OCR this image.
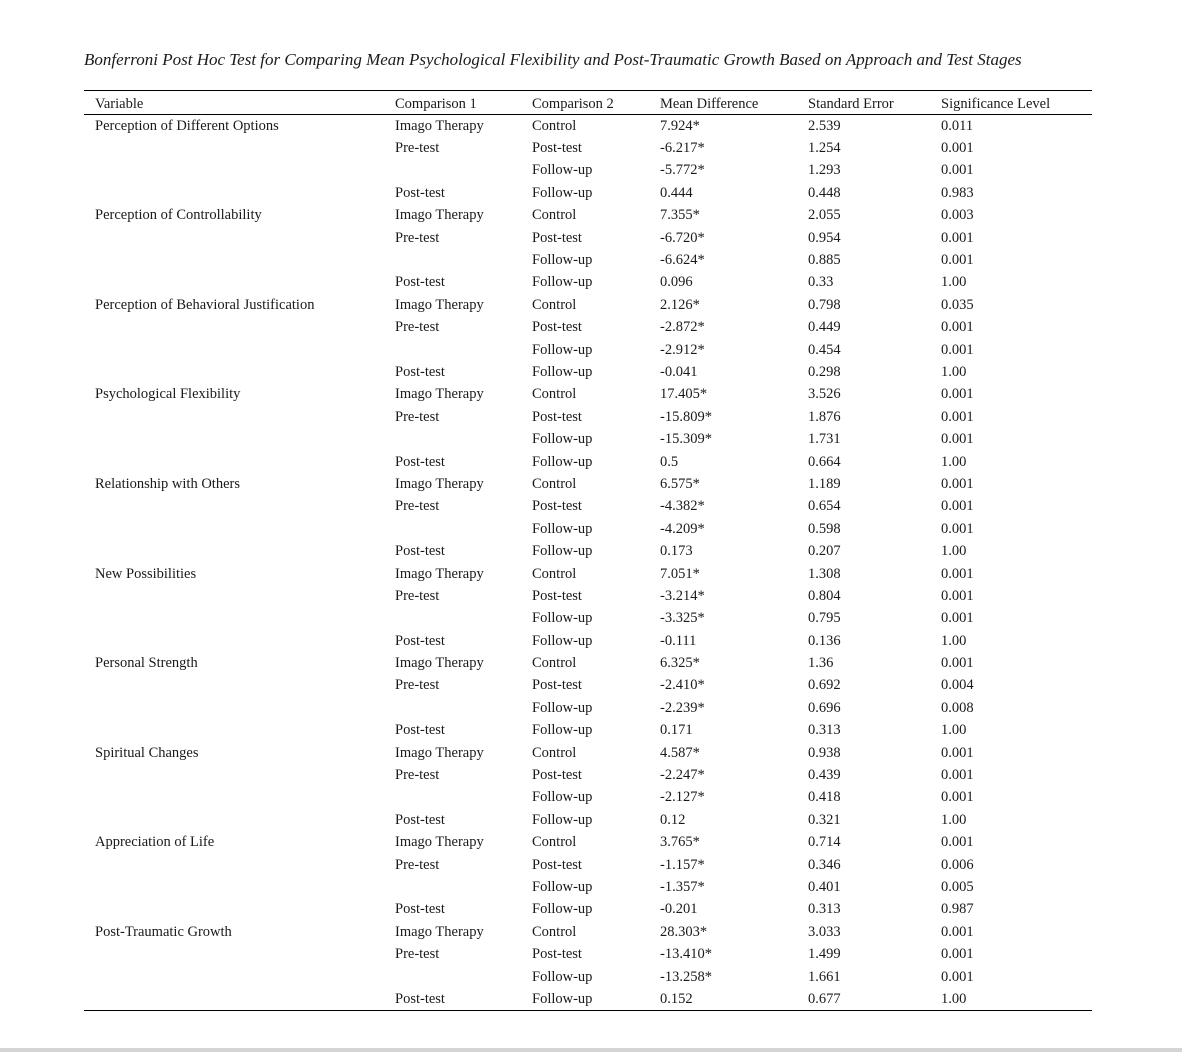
Bonferroni Post Hoc Test for Comparing Mean Psychological Flexibility and Post-Traumatic Growth Based on Approach and Test Stages
Variable	Comparison 1	Comparison 2	Mean Difference	Standard Error	Significance Level
Perception of Different Options	Imago Therapy	Control	7.924*	2.539	0.011
	Pre-test	Post-test	-6.217*	1.254	0.001
		Follow-up	-5.772*	1.293	0.001
	Post-test	Follow-up	0.444	0.448	0.983
Perception of Controllability	Imago Therapy	Control	7.355*	2.055	0.003
	Pre-test	Post-test	-6.720*	0.954	0.001
		Follow-up	-6.624*	0.885	0.001
	Post-test	Follow-up	0.096	0.33	1.00
Perception of Behavioral Justification	Imago Therapy	Control	2.126*	0.798	0.035
	Pre-test	Post-test	-2.872*	0.449	0.001
		Follow-up	-2.912*	0.454	0.001
	Post-test	Follow-up	-0.041	0.298	1.00
Psychological Flexibility	Imago Therapy	Control	17.405*	3.526	0.001
	Pre-test	Post-test	-15.809*	1.876	0.001
		Follow-up	-15.309*	1.731	0.001
	Post-test	Follow-up	0.5	0.664	1.00
Relationship with Others	Imago Therapy	Control	6.575*	1.189	0.001
	Pre-test	Post-test	-4.382*	0.654	0.001
		Follow-up	-4.209*	0.598	0.001
	Post-test	Follow-up	0.173	0.207	1.00
New Possibilities	Imago Therapy	Control	7.051*	1.308	0.001
	Pre-test	Post-test	-3.214*	0.804	0.001
		Follow-up	-3.325*	0.795	0.001
	Post-test	Follow-up	-0.111	0.136	1.00
Personal Strength	Imago Therapy	Control	6.325*	1.36	0.001
	Pre-test	Post-test	-2.410*	0.692	0.004
		Follow-up	-2.239*	0.696	0.008
	Post-test	Follow-up	0.171	0.313	1.00
Spiritual Changes	Imago Therapy	Control	4.587*	0.938	0.001
	Pre-test	Post-test	-2.247*	0.439	0.001
		Follow-up	-2.127*	0.418	0.001
	Post-test	Follow-up	0.12	0.321	1.00
Appreciation of Life	Imago Therapy	Control	3.765*	0.714	0.001
	Pre-test	Post-test	-1.157*	0.346	0.006
		Follow-up	-1.357*	0.401	0.005
	Post-test	Follow-up	-0.201	0.313	0.987
Post-Traumatic Growth	Imago Therapy	Control	28.303*	3.033	0.001
	Pre-test	Post-test	-13.410*	1.499	0.001
		Follow-up	-13.258*	1.661	0.001
	Post-test	Follow-up	0.152	0.677	1.00
